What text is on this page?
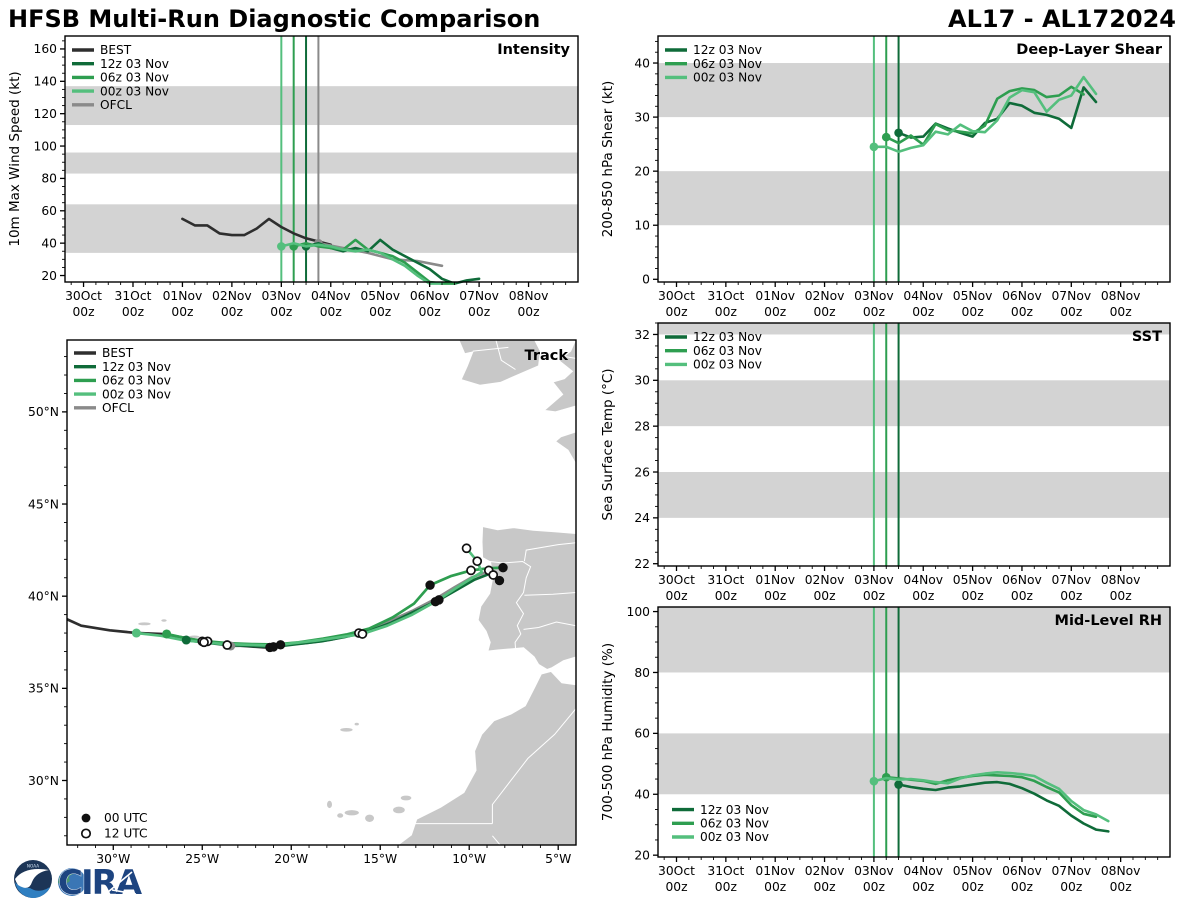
HFSB Multi-Run Diagnostic Comparison	AL17 - AL172024
30Oct
00z
31Oct
00z
01Nov
00z
02Nov
00z
03Nov
00z
04Nov
00z
05Nov
00z
06Nov
00z
07Nov
00z
08Nov
00z
20
40
60
80
100
120
140
160
10m Max Wind Speed (kt)
Intensity
BEST
12z 03 Nov
06z 03 Nov
00z 03 Nov
OFCL
30Oct
00z
31Oct
00z
01Nov
00z
02Nov
00z
03Nov
00z
04Nov
00z
05Nov
00z
06Nov
00z
07Nov
00z
08Nov
00z
0
10
20
30
40
200-850 hPa Shear (kt)
Deep-Layer Shear
12z 03 Nov
06z 03 Nov
00z 03 Nov
30Oct
00z
31Oct
00z
01Nov
00z
02Nov
00z
03Nov
00z
04Nov
00z
05Nov
00z
06Nov
00z
07Nov
00z
08Nov
00z
22
24
26
28
30
32
Sea Surface Temp (°C)
SST
12z 03 Nov
06z 03 Nov
00z 03 Nov
30Oct
00z
31Oct
00z
01Nov
00z
02Nov
00z
03Nov
00z
04Nov
00z
05Nov
00z
06Nov
00z
07Nov
00z
08Nov
00z
20
40
60
80
100
700-500 hPa Humidity (%)
Mid-Level RH
12z 03 Nov
06z 03 Nov
00z 03 Nov
30°W	25°W	20°W	15°W	10°W	5°W
30°N
35°N
40°N
45°N
50°N
Track
BEST
12z 03 Nov
06z 03 Nov
00z 03 Nov
OFCL
00 UTC
12 UTC
NOAA CIRA
